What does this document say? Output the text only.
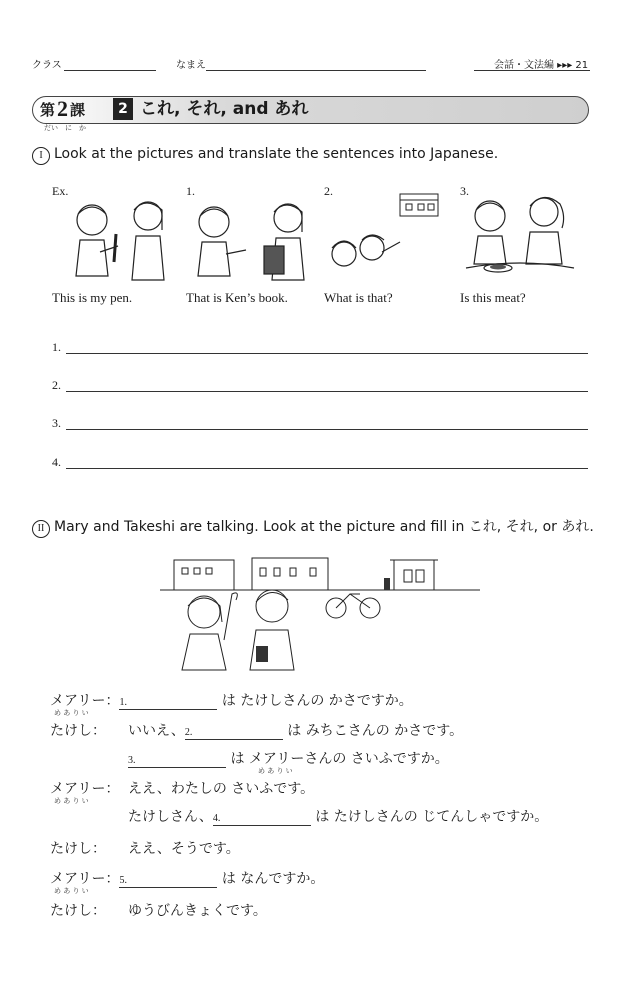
クラス	なまえ	会話・文法編 ▸▸▸ 21
第 2 課
だい　に　か
2 これ, それ, and あれ
I Look at the pictures and translate the sentences into Japanese.
Ex.	1.	2.	3.
This is my pen.	That is Ken’s book.	What is that?	Is this meat?
1.
2.
3.
4.
II Mary and Takeshi are talking. Look at the picture and fill in これ, それ, or あれ.
メアリー：1.	は たけしさんの かさですか。
め あ り い
たけし： いいえ、2.	は みちこさんの かさです。
3.	は メアリーさんの さいふですか。
め あ り い
メアリー： ええ、わたしの さいふです。
め あ り い
たけしさん、4.	は たけしさんの じてんしゃですか。
たけし： ええ、そうです。
メアリー：5.	は なんですか。
め あ り い
たけし： ゆうびんきょくです。
